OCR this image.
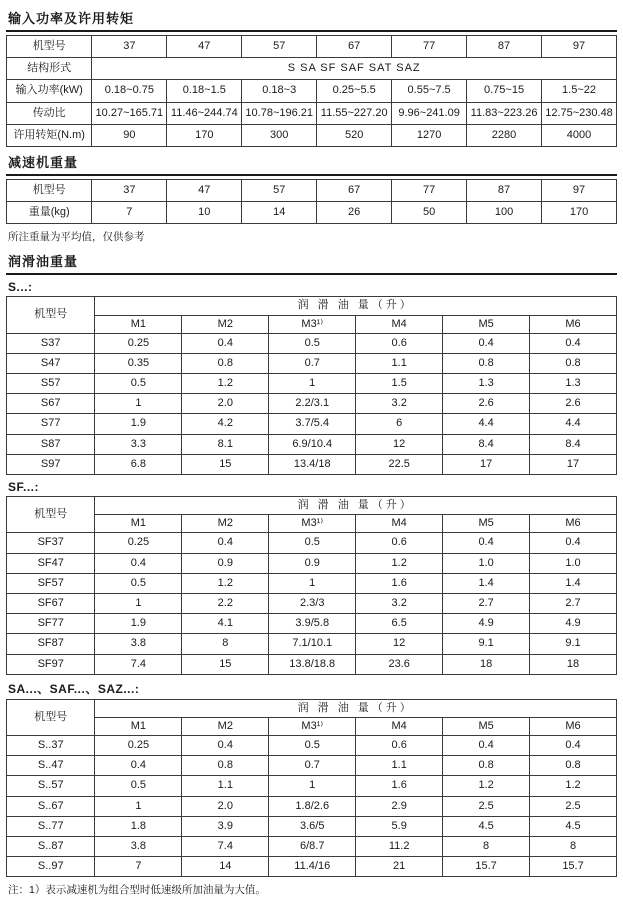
输入功率及许用转矩
机型号	37	47	57	67	77	87	97
结构形式	S SA SF SAF SAT SAZ						
输入功率(kW)	0.18~0.75	0.18~1.5	0.18~3	0.25~5.5	0.55~7.5	0.75~15	1.5~22
传动比	10.27~165.71	11.46~244.74	10.78~196.21	11.55~227.20	9.96~241.09	11.83~223.26	12.75~230.48
许用转矩(N.m)	90	170	300	520	1270	2280	4000
减速机重量
机型号	37	47	57	67	77	87	97
重量(kg)	7	10	14	26	50	100	170
所注重量为平均值，仅供参考
润滑油重量
S...:
机型号	润 滑 油 量（升）					
	M1	M2	M3¹⁾	M4	M5	M6
S37	0.25	0.4	0.5	0.6	0.4	0.4
S47	0.35	0.8	0.7	1.1	0.8	0.8
S57	0.5	1.2	1	1.5	1.3	1.3
S67	1	2.0	2.2/3.1	3.2	2.6	2.6
S77	1.9	4.2	3.7/5.4	6	4.4	4.4
S87	3.3	8.1	6.9/10.4	12	8.4	8.4
S97	6.8	15	13.4/18	22.5	17	17
SF...:
机型号	润 滑 油 量（升）					
	M1	M2	M3¹⁾	M4	M5	M6
SF37	0.25	0.4	0.5	0.6	0.4	0.4
SF47	0.4	0.9	0.9	1.2	1.0	1.0
SF57	0.5	1.2	1	1.6	1.4	1.4
SF67	1	2.2	2.3/3	3.2	2.7	2.7
SF77	1.9	4.1	3.9/5.8	6.5	4.9	4.9
SF87	3.8	8	7.1/10.1	12	9.1	9.1
SF97	7.4	15	13.8/18.8	23.6	18	18
SA...、SAF...、SAZ...:
机型号	润 滑 油 量（升）					
	M1	M2	M3¹⁾	M4	M5	M6
S..37	0.25	0.4	0.5	0.6	0.4	0.4
S..47	0.4	0.8	0.7	1.1	0.8	0.8
S..57	0.5	1.1	1	1.6	1.2	1.2
S..67	1	2.0	1.8/2.6	2.9	2.5	2.5
S..77	1.8	3.9	3.6/5	5.9	4.5	4.5
S..87	3.8	7.4	6/8.7	11.2	8	8
S..97	7	14	11.4/16	21	15.7	15.7
注：1）表示减速机为组合型时低速级所加油量为大值。
